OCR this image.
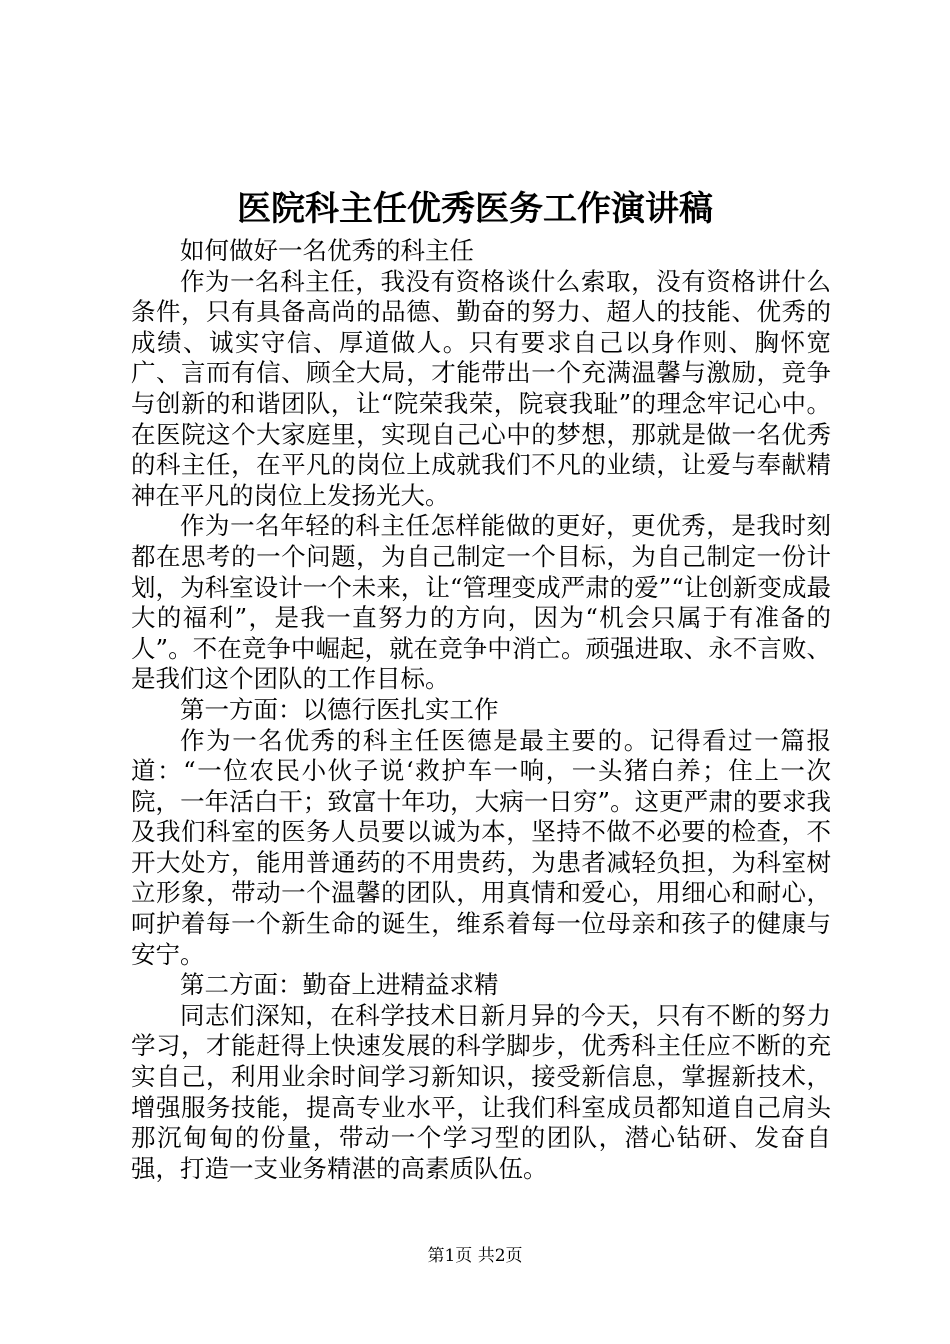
医院科主任优秀医务工作演讲稿

如何做好一名优秀的科主任

作为一名科主任，我没有资格谈什么索取，没有资格讲什么条件，只有具备高尚的品德、勤奋的努力、超人的技能、优秀的成绩、诚实守信、厚道做人。只有要求自己以身作则、胸怀宽广、言而有信、顾全大局，才能带出一个充满温馨与激励，竞争与创新的和谐团队，让“院荣我荣，院衰我耻”的理念牢记心中。在医院这个大家庭里，实现自己心中的梦想，那就是做一名优秀的科主任，在平凡的岗位上成就我们不凡的业绩，让爱与奉献精神在平凡的岗位上发扬光大。

作为一名年轻的科主任怎样能做的更好，更优秀，是我时刻都在思考的一个问题，为自己制定一个目标，为自己制定一份计划，为科室设计一个未来，让“管理变成严肃的爱”“让创新变成最大的福利”，是我一直努力的方向，因为“机会只属于有准备的人”。不在竞争中崛起，就在竞争中消亡。顽强进取、永不言败、是我们这个团队的工作目标。

第一方面：以德行医扎实工作

作为一名优秀的科主任医德是最主要的。记得看过一篇报道：“一位农民小伙子说‘救护车一响，一头猪白养；住上一次院，一年活白干；致富十年功，大病一日穷”。这更严肃的要求我及我们科室的医务人员要以诚为本，坚持不做不必要的检查，不开大处方，能用普通药的不用贵药，为患者减轻负担，为科室树立形象，带动一个温馨的团队，用真情和爱心，用细心和耐心，呵护着每一个新生命的诞生，维系着每一位母亲和孩子的健康与安宁。

第二方面：勤奋上进精益求精

同志们深知，在科学技术日新月异的今天，只有不断的努力学习，才能赶得上快速发展的科学脚步，优秀科主任应不断的充实自己，利用业余时间学习新知识，接受新信息，掌握新技术，增强服务技能，提高专业水平，让我们科室成员都知道自己肩头那沉甸甸的份量，带动一个学习型的团队，潜心钻研、发奋自强，打造一支业务精湛的高素质队伍。

第1页 共2页
